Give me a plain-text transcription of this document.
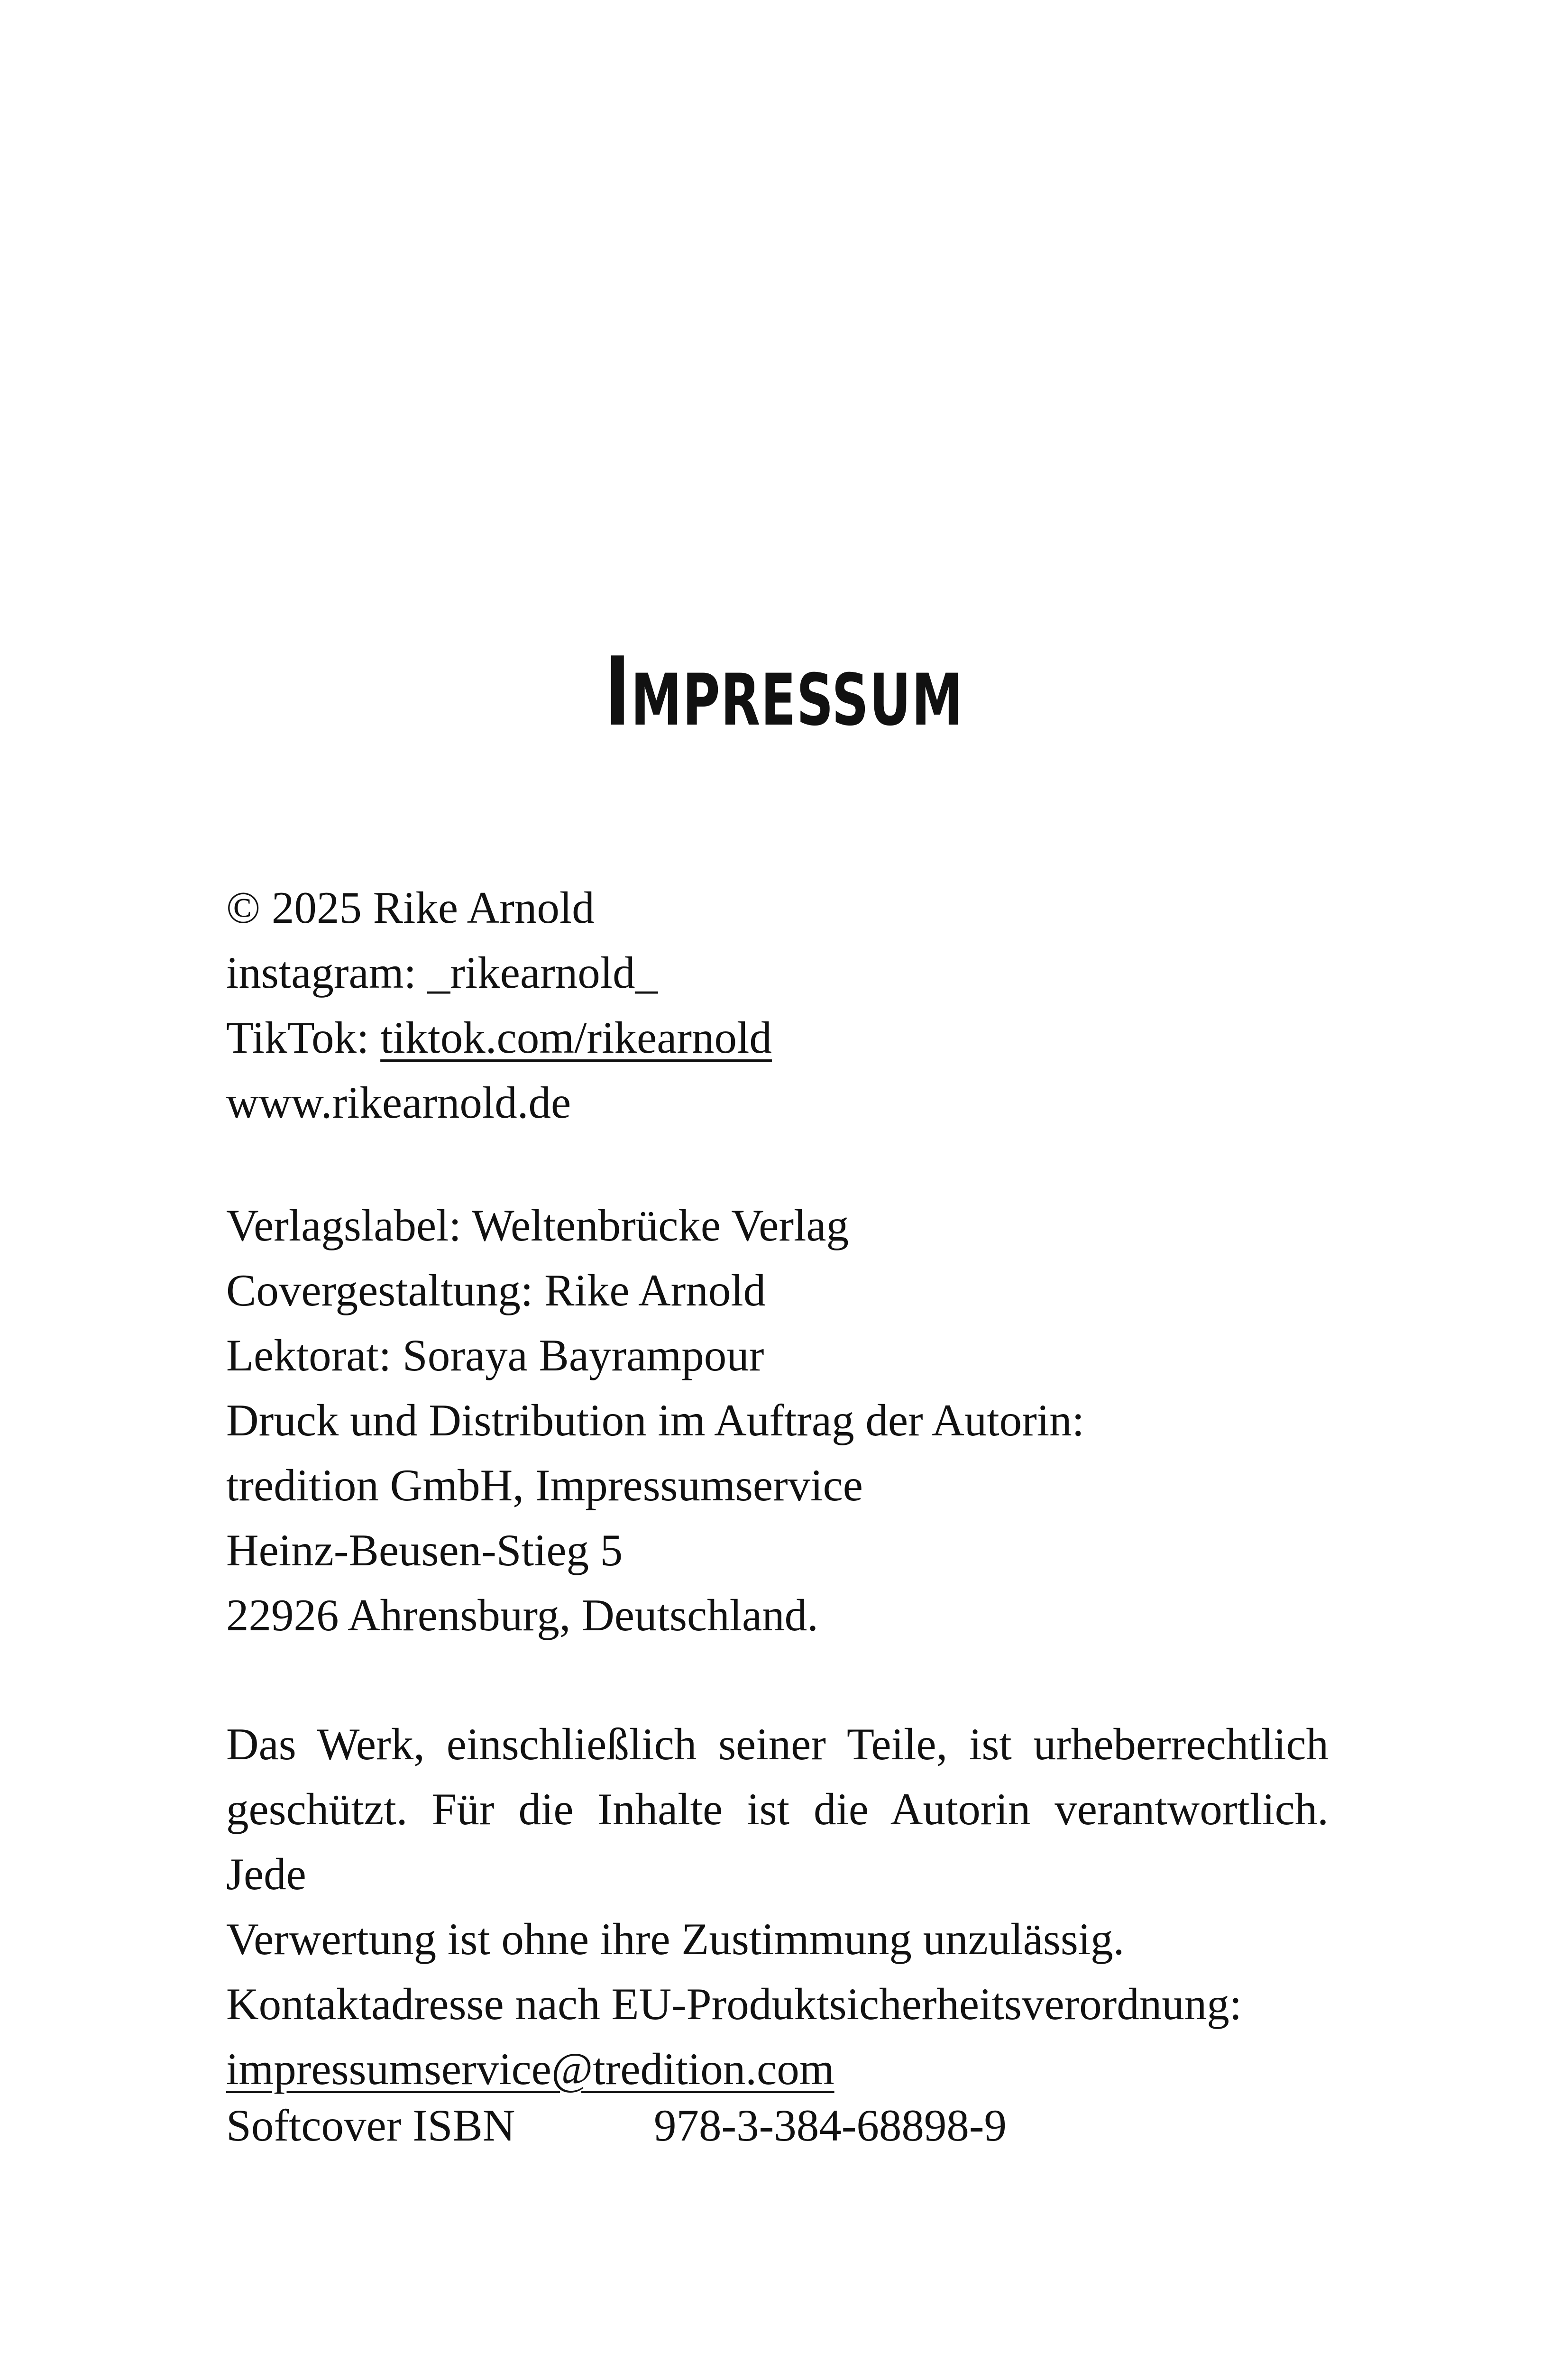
IMPRESSUM
© 2025 Rike Arnold
instagram: _rikearnold_
TikTok: tiktok.com/rikearnold
www.rikearnold.de
Verlagslabel: Weltenbrücke Verlag
Covergestaltung: Rike Arnold
Lektorat: Soraya Bayrampour
Druck und Distribution im Auftrag der Autorin:
tredition GmbH, Impressumservice
Heinz-Beusen-Stieg 5
22926 Ahrensburg, Deutschland.
Das Werk, einschließlich seiner Teile, ist urheberrechtlich
geschützt. Für die Inhalte ist die Autorin verantwortlich. Jede
Verwertung ist ohne ihre Zustimmung unzulässig.
Kontaktadresse nach EU-Produktsicherheitsverordnung:
impressumservice@tredition.com
Softcover ISBN	978-3-384-68898-9
